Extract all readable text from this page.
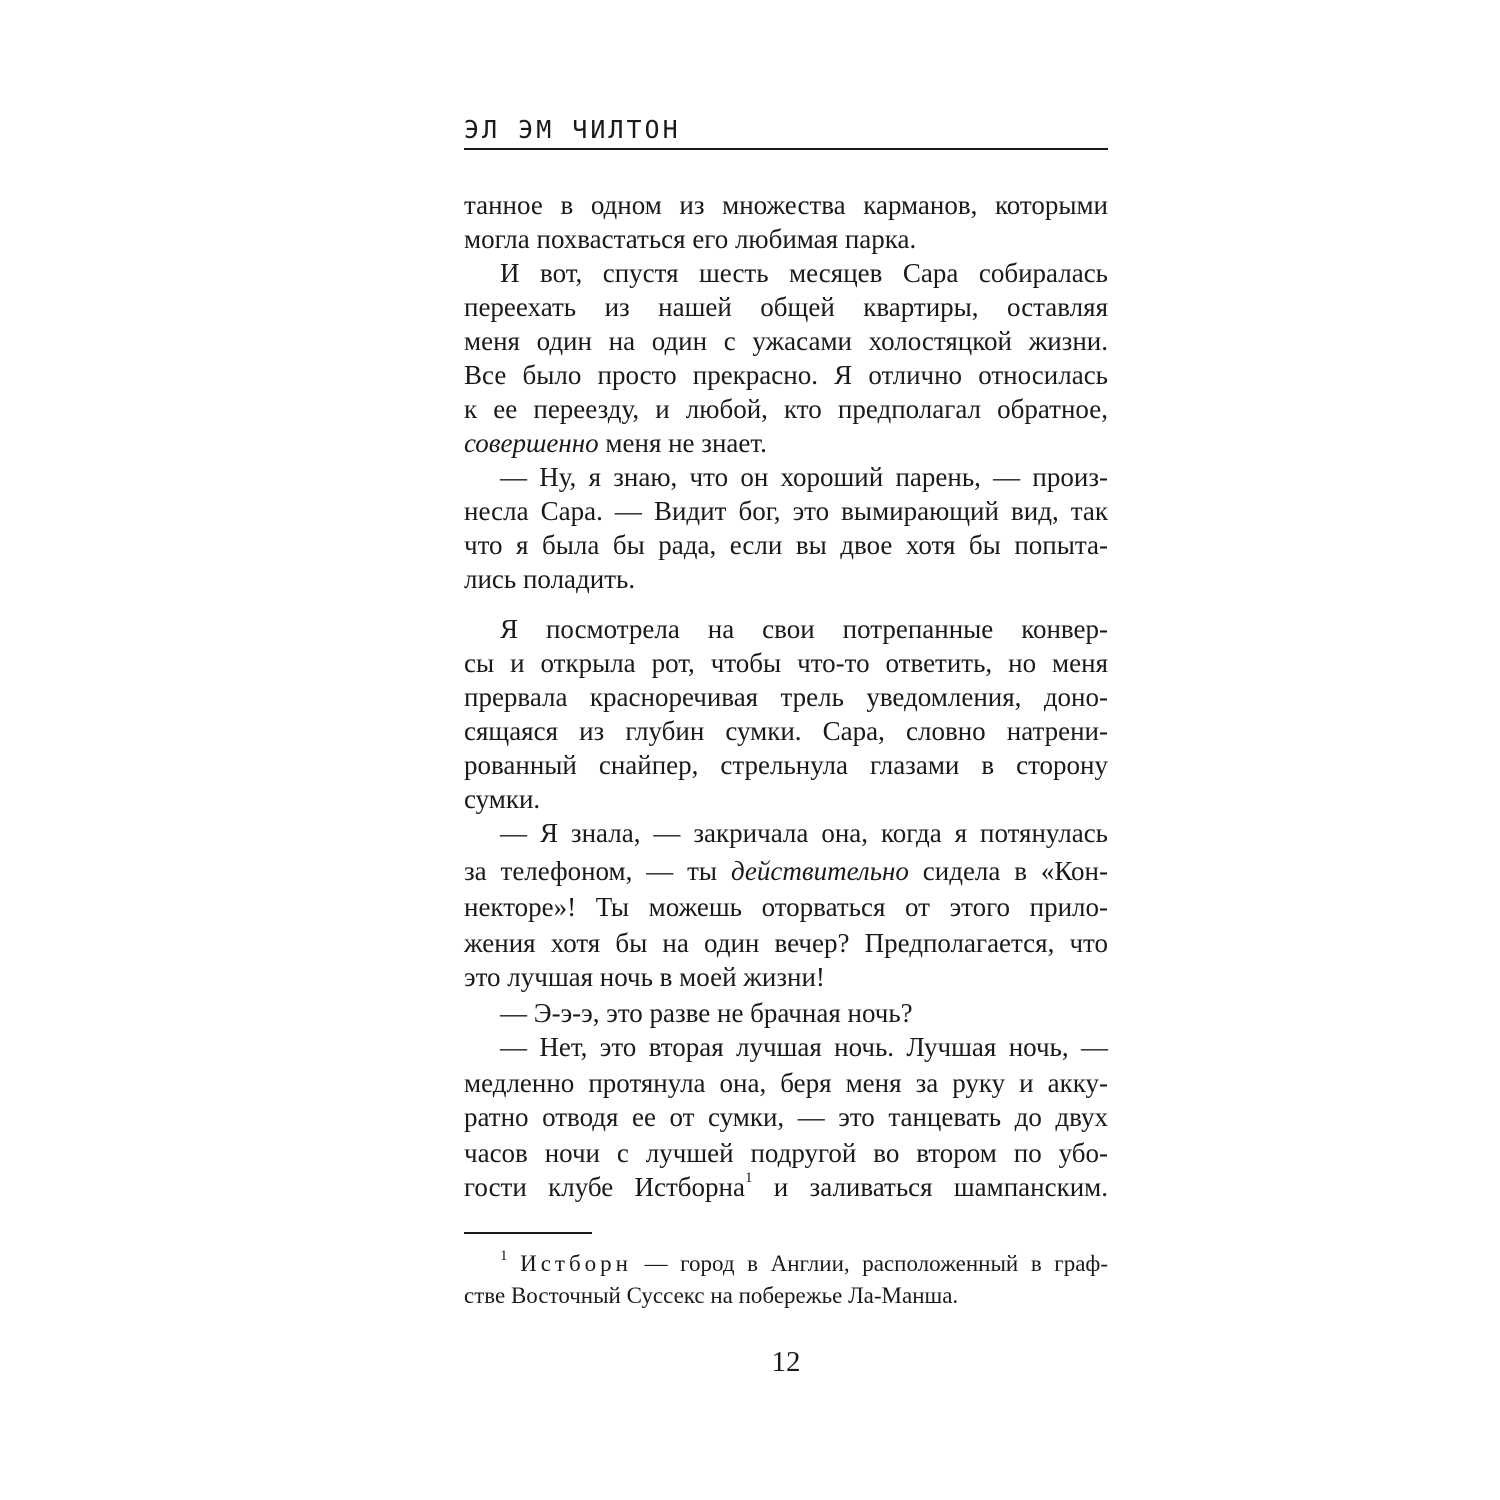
ЭЛ ЭМ ЧИЛТОН
танное в одном из множества карманов, которыми
могла похвастаться его любимая парка.
И вот, спустя шесть месяцев Сара собиралась
переехать из нашей общей квартиры, оставляя
меня один на один с ужасами холостяцкой жизни.
Все было просто прекрасно. Я отлично относилась
к ее переезду, и любой, кто предполагал обратное,
совершенно меня не знает.
— Ну, я знаю, что он хороший парень, — произ-
несла Сара. — Видит бог, это вымирающий вид, так
что я была бы рада, если вы двое хотя бы попыта-
лись поладить.
Я посмотрела на свои потрепанные конвер-
сы и открыла рот, чтобы что-то ответить, но меня
прервала красноречивая трель уведомления, доно-
сящаяся из глубин сумки. Сара, словно натрени-
рованный снайпер, стрельнула глазами в сторону
сумки.
— Я знала, — закричала она, когда я потянулась
за телефоном, — ты действительно сидела в «Кон-
некторе»! Ты можешь оторваться от этого прило-
жения хотя бы на один вечер? Предполагается, что
это лучшая ночь в моей жизни!
— Э-э-э, это разве не брачная ночь?
— Нет, это вторая лучшая ночь. Лучшая ночь, —
медленно протянула она, беря меня за руку и акку-
ратно отводя ее от сумки, — это танцевать до двух
часов ночи с лучшей подругой во втором по убо-
гости клубе Истборна$^1$ и заливаться шампанским.
$^1$ Истборн — город в Англии, расположенный в граф-
стве Восточный Суссекс на побережье Ла-Манша.
12
